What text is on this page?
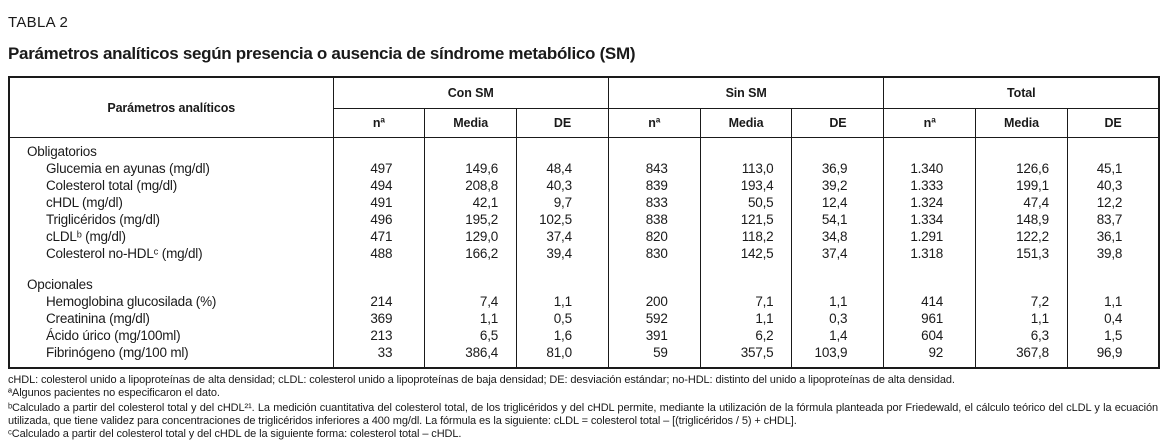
TABLA 2
Parámetros analíticos según presencia o ausencia de síndrome metabólico (SM)
Parámetros analíticos	Con SM			Sin SM			Total		
	nª	Media	DE	nª	Media	DE	nª	Media	DE
Obligatorios									
Glucemia en ayunas (mg/dl)	497	149,6	48,4	843	113,0	36,9	1.340	126,6	45,1
Colesterol total (mg/dl)	494	208,8	40,3	839	193,4	39,2	1.333	199,1	40,3
cHDL (mg/dl)	491	42,1	9,7	833	50,5	12,4	1.324	47,4	12,2
Triglicéridos (mg/dl)	496	195,2	102,5	838	121,5	54,1	1.334	148,9	83,7
cLDLᵇ (mg/dl)	471	129,0	37,4	820	118,2	34,8	1.291	122,2	36,1
Colesterol no-HDLᶜ (mg/dl)	488	166,2	39,4	830	142,5	37,4	1.318	151,3	39,8
Opcionales									
Hemoglobina glucosilada (%)	214	7,4	1,1	200	7,1	1,1	414	7,2	1,1
Creatinina (mg/dl)	369	1,1	0,5	592	1,1	0,3	961	1,1	0,4
Ácido úrico (mg/100ml)	213	6,5	1,6	391	6,2	1,4	604	6,3	1,5
Fibrinógeno (mg/100 ml)	33	386,4	81,0	59	357,5	103,9	92	367,8	96,9

cHDL: colesterol unido a lipoproteínas de alta densidad; cLDL: colesterol unido a lipoproteínas de baja densidad; DE: desviación estándar; no-HDL: distinto del unido a lipoproteínas de alta densidad.

ªAlgunos pacientes no especificaron el dato.

ᵇCalculado a partir del colesterol total y del cHDL²¹. La medición cuantitativa del colesterol total, de los triglicéridos y del cHDL permite, mediante la utilización de la fórmula planteada por Friedewald, el cálculo teórico del cLDL y la ecuación utilizada, que tiene validez para concentraciones de triglicéridos inferiores a 400 mg/dl. La fórmula es la siguiente: cLDL = colesterol total – [(triglicéridos / 5) + cHDL].

ᶜCalculado a partir del colesterol total y del cHDL de la siguiente forma: colesterol total – cHDL.
